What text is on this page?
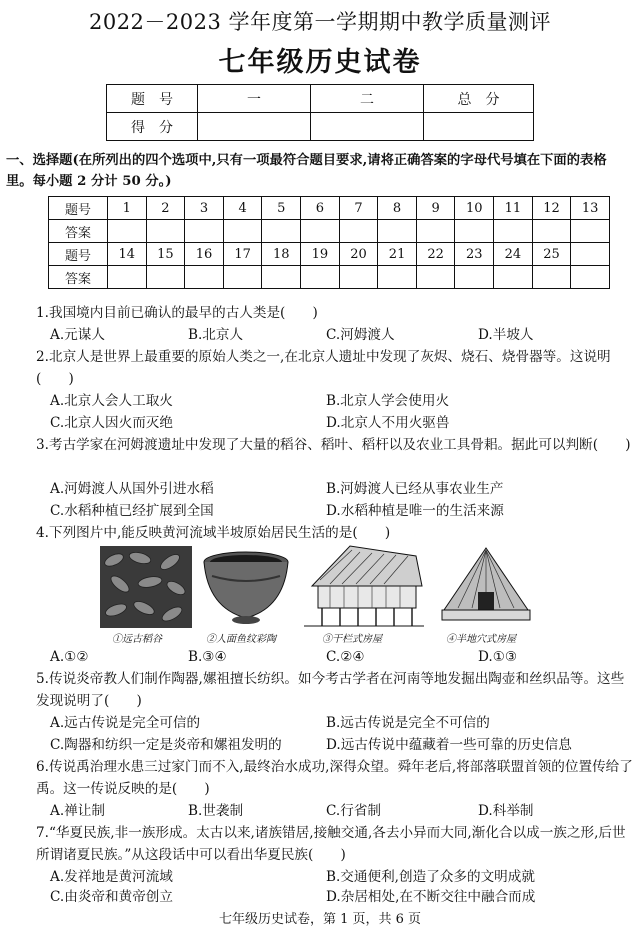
2022－2023 学年度第一学期期中教学质量测评
七年级历史试卷
题　号	一	二	总　分
得　分			
一、选择题(在所列出的四个选项中,只有一项最符合题目要求,请将正确答案的字母代号填在下面的表格里。每小题 2 分计 50 分。)
题号	1	2	3	4	5	6	7	8	9	10	11	12	13
答案													
题号	14	15	16	17	18	19	20	21	22	23	24	25	
答案													
1.我国境内目前已确认的最早的古人类是(　　)
A.元谋人	B.北京人	C.河姆渡人	D.半坡人
2.北京人是世界上最重要的原始人类之一,在北京人遗址中发现了灰烬、烧石、烧骨器等。这说明(　　)
A.北京人会人工取火	B.北京人学会使用火
C.北京人因火而灭绝	D.北京人不用火驱兽
3.考古学家在河姆渡遗址中发现了大量的稻谷、稻叶、稻杆以及农业工具骨耜。据此可以判断(　　)
A.河姆渡人从国外引进水稻	B.河姆渡人已经从事农业生产
C.水稻种植已经扩展到全国	D.水稻种植是唯一的生活来源
4.下列图片中,能反映黄河流域半坡原始居民生活的是(　　)
①远古稻谷	②人面鱼纹彩陶	③干栏式房屋	④半地穴式房屋
A.①②	B.③④	C.②④	D.①③
5.传说炎帝教人们制作陶器,嫘祖擅长纺织。如今考古学者在河南等地发掘出陶壶和丝织品等。这些发现说明了(　　)
A.远古传说是完全可信的	B.远古传说是完全不可信的
C.陶器和纺织一定是炎帝和嫘祖发明的	D.远古传说中蕴藏着一些可靠的历史信息
6.传说禹治理水患三过家门而不入,最终治水成功,深得众望。舜年老后,将部落联盟首领的位置传给了禹。这一传说反映的是(　　)
A.禅让制	B.世袭制	C.行省制	D.科举制
7.“华夏民族,非一族形成。太古以来,诸族错居,接触交通,各去小异而大同,渐化合以成一族之形,后世所谓诸夏民族。”从这段话中可以看出华夏民族(　　)
A.发祥地是黄河流域	B.交通便利,创造了众多的文明成就
C.由炎帝和黄帝创立	D.杂居相处,在不断交往中融合而成
七年级历史试卷，第 1 页，共 6 页
